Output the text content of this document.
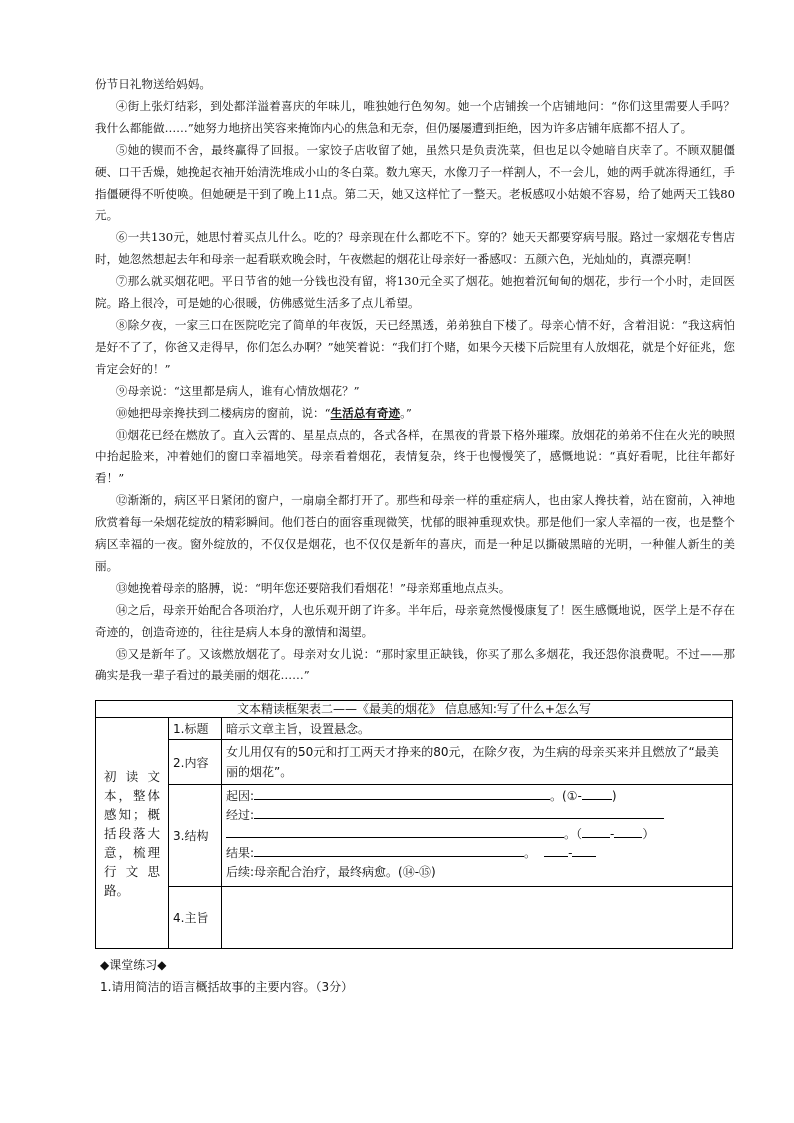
份节日礼物送给妈妈。

④街上张灯结彩，到处都洋溢着喜庆的年味儿，唯独她行色匆匆。她一个店铺挨一个店铺地问：“你们这里需要人手吗？我什么都能做……”她努力地挤出笑容来掩饰内心的焦急和无奈，但仍屡屡遭到拒绝，因为许多店铺年底都不招人了。

⑤她的锲而不舍，最终赢得了回报。一家饺子店收留了她，虽然只是负责洗菜，但也足以令她暗自庆幸了。不顾双腿僵硬、口干舌燥，她挽起衣袖开始清洗堆成小山的冬白菜。数九寒天，水像刀子一样割人，不一会儿，她的两手就冻得通红，手指僵硬得不听使唤。但她硬是干到了晚上11点。第二天，她又这样忙了一整天。老板感叹小姑娘不容易，给了她两天工钱80元。

⑥一共130元，她思忖着买点儿什么。吃的？母亲现在什么都吃不下。穿的？她天天都要穿病号服。路过一家烟花专售店时，她忽然想起去年和母亲一起看联欢晚会时，午夜燃起的烟花让母亲好一番感叹：五颜六色，光灿灿的，真漂亮啊！

⑦那么就买烟花吧。平日节省的她一分钱也没有留，将130元全买了烟花。她抱着沉甸甸的烟花，步行一个小时，走回医院。路上很冷，可是她的心很暖，仿佛感觉生活多了点儿希望。

⑧除夕夜，一家三口在医院吃完了简单的年夜饭，天已经黑透，弟弟独自下楼了。母亲心情不好，含着泪说：“我这病怕是好不了了，你爸又走得早，你们怎么办啊？”她笑着说：“我们打个赌，如果今天楼下后院里有人放烟花，就是个好征兆，您肯定会好的！”

⑨母亲说：“这里都是病人，谁有心情放烟花？”

⑩她把母亲搀扶到二楼病房的窗前，说：“生活总有奇迹。”

⑪烟花已经在燃放了。直入云霄的、星星点点的，各式各样，在黑夜的背景下格外璀璨。放烟花的弟弟不住在火光的映照中抬起脸来，冲着她们的窗口幸福地笑。母亲看着烟花，表情复杂，终于也慢慢笑了，感慨地说：“真好看呢，比往年都好看！”

⑫渐渐的，病区平日紧闭的窗户，一扇扇全都打开了。那些和母亲一样的重症病人，也由家人搀扶着，站在窗前，入神地欣赏着每一朵烟花绽放的精彩瞬间。他们苍白的面容重现微笑，忧郁的眼神重现欢快。那是他们一家人幸福的一夜，也是整个病区幸福的一夜。窗外绽放的，不仅仅是烟花，也不仅仅是新年的喜庆，而是一种足以撕破黑暗的光明，一种催人新生的美丽。

⑬她挽着母亲的胳膊，说：“明年您还要陪我们看烟花！”母亲郑重地点点头。

⑭之后，母亲开始配合各项治疗，人也乐观开朗了许多。半年后，母亲竟然慢慢康复了！医生感慨地说，医学上是不存在奇迹的，创造奇迹的，往往是病人本身的激情和渴望。

⑮又是新年了。又该燃放烟花了。母亲对女儿说：“那时家里正缺钱，你买了那么多烟花，我还怨你浪费呢。不过——那确实是我一辈子看过的最美丽的烟花……”

文本精读框架表二——《最美的烟花》 信息感知:写了什么+怎么写		
初读文本，整体感知；概括段落大意，梳理行文思路。	1.标题	暗示文章主旨，设置悬念。
	2.内容	女儿用仅有的50元和打工两天才挣来的80元，在除夕夜，为生病的母亲买来并且燃放了“最美丽的烟花”。
	3.结构	起因: 。(①- )
经过:
。（ - ）
结果: 。 -
后续:母亲配合治疗，最终病愈。(⑭-⑮)

	4.主旨	
◆课堂练习◆
1.请用简洁的语言概括故事的主要内容。（3分）
